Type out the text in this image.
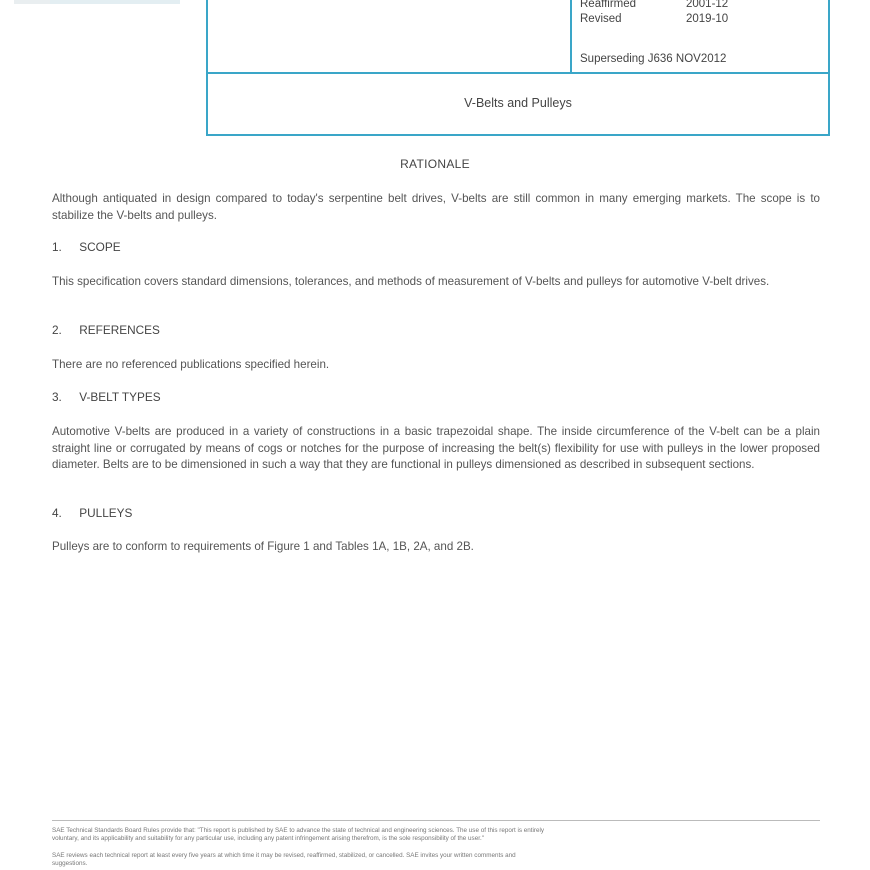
Reaffirmed	2001-12
Revised	2019-10
Superseding J636 NOV2012
V-Belts and Pulleys
RATIONALE
Although antiquated in design compared to today's serpentine belt drives, V-belts are still common in many emerging markets. The scope is to stabilize the V-belts and pulleys.
1. SCOPE
This specification covers standard dimensions, tolerances, and methods of measurement of V-belts and pulleys for automotive V-belt drives.
2. REFERENCES
There are no referenced publications specified herein.
3. V-BELT TYPES
Automotive V-belts are produced in a variety of constructions in a basic trapezoidal shape. The inside circumference of the V-belt can be a plain straight line or corrugated by means of cogs or notches for the purpose of increasing the belt(s) flexibility for use with pulleys in the lower proposed diameter. Belts are to be dimensioned in such a way that they are functional in pulleys dimensioned as described in subsequent sections.
4. PULLEYS
Pulleys are to conform to requirements of Figure 1 and Tables 1A, 1B, 2A, and 2B.
SAE Technical Standards Board Rules provide that: "This report is published by SAE to advance the state of technical and engineering sciences. The use of this report is entirely
voluntary, and its applicability and suitability for any particular use, including any patent infringement arising therefrom, is the sole responsibility of the user."
SAE reviews each technical report at least every five years at which time it may be revised, reaffirmed, stabilized, or cancelled. SAE invites your written comments and
suggestions.
